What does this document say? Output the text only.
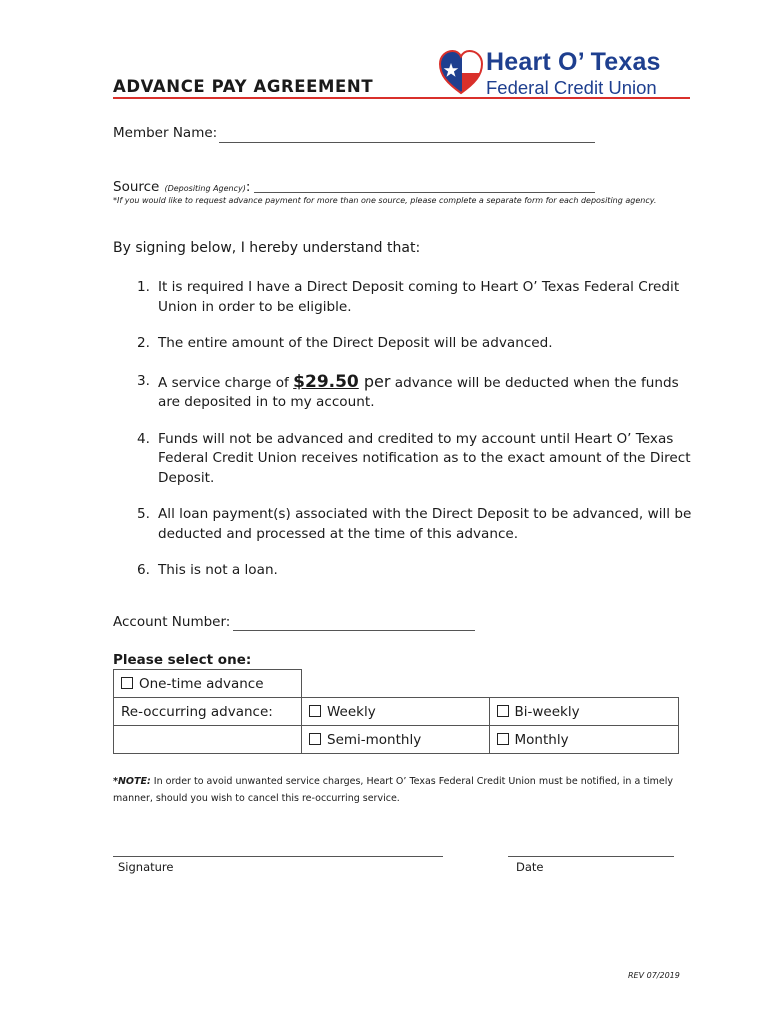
ADVANCE PAY AGREEMENT
Heart O’ Texas
Federal Credit Union
Member Name:
Source (Depositing Agency):
*If you would like to request advance payment for more than one source, please complete a separate form for each depositing agency.
By signing below, I hereby understand that:
1. It is required I have a Direct Deposit coming to Heart O’ Texas Federal Credit Union in order to be eligible.
2. The entire amount of the Direct Deposit will be advanced.
3. A service charge of $29.50 per advance will be deducted when the funds are deposited in to my account.
4. Funds will not be advanced and credited to my account until Heart O’ Texas Federal Credit Union receives notification as to the exact amount of the Direct Deposit.
5. All loan payment(s) associated with the Direct Deposit to be advanced, will be deducted and processed at the time of this advance.
6. This is not a loan.
Account Number:
Please select one:
One-time advance		
Re-occurring advance:	Weekly	Bi-weekly
	Semi-monthly	Monthly
*NOTE: In order to avoid unwanted service charges, Heart O’ Texas Federal Credit Union must be notified, in a timely manner, should you wish to cancel this re-occurring service.
Signature	Date
REV 07/2019
